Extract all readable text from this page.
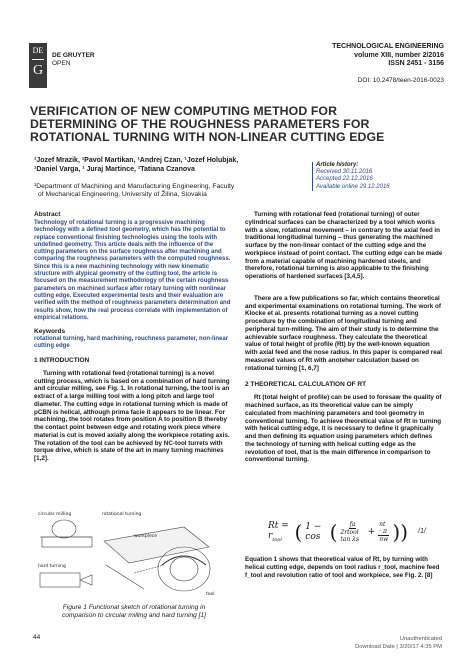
DE
G
DE GRUYTER
OPEN
TECHNOLOGICAL ENGINEERING
volume XIII, number 2/2016
ISSN 2451 - 3156
DOI: 10.2478/teen-2016-0023
VERIFICATION OF NEW COMPUTING METHOD FOR
DETERMINING OF THE ROUGHNESS PARAMETERS FOR
ROTATIONAL TURNING WITH NON-LINEAR CUTTING EDGE
¹Jozef Mrazik, ¹Pavol Martikan, ¹Andrej Czan, ¹Jozef Holubjak,
¹Daniel Varga, ¹ Juraj Martince, ¹Tatiana Czanova
¹Department of Machining and Manufacturing Engineering, Faculty
of Mechanical Engineering, University of Žilina, Slovakia
Article history:
Received 30.11.2016
Accepted 22.12.2016
Available online 29.12.2016
Abstract
Technology of rotational turning is a progressive machining technology with a defined tool geometry, which has the potential to replace conventional finishing technologies using the tools with undefined geometry. This article deals with the influence of the cutting parameters on the surface roughness after machining and comparing the roughness parameters with the computed roughness. Since this is a new machining technology with new kinematic structure with atypical geometry of the cutting tool, the article is focused on the measurement methodology of the certain roughness parameters on machined surface after rotary turning with nonlinear cutting edge. Executed experimental tests and their evaluation are verified with the method of roughness parameters determination and results show, how the real process correlate with implementation of empirical relations.
Keywords
rotational turning, hard machining, rouchness parameter, non-linear cutting edge
1 INTRODUCTION
Turning with rotational feed (rotational turning) is a novel cutting process, which is based on a combination of hard turning and circular milling, see Fig. 1. In rotational turning, the tool is an extract of a large milling tool with a long pitch and large tool diameter. The cutting edge in rotational turning which is made of pCBN is helical, although prima facie it appears to be linear. For machining, the tool rotates from position A to position B thereby the contact point between edge and rotating work piece where material is cut is moved axially along the workpiece rotating axis. The rotation of the tool can be achieved by NC-tool turrets with torque drive, which is state of the art in many turning machines [1,2].
rotational turning
circular milling
hard turning
workpiece
tool
Figure 1 Functional sketch of rotational turning in
comparison to circular milling and hard turning [1]
Turning with rotational feed (rotational turning) of outer cylindrical surfaces can be characterized by a tool which works with a slow, rotational movement – in contrary to the axial feed in traditional longitudinal turning – thus generating the machined surface by the non-linear contact of the cutting edge and the workpiece instead of point contact. The cutting edge can be made from a material capable of machining hardened steels, and therefore, rotational turning is also applicable to the finishing operations of hardened surfaces [3,4,5].
There are a few publications so far, which contains theoretical and experimental examinations on rotational turning. The work of Klocke et al. presents rotational turning as a novel cutting procedure by the combination of longitudinal turning and peripheral turn-milling. The aim of their study is to determine the achievable surface roughness. They calculate the theoretical value of total height of profile (Rt) by the well-known equation with axial feed and the nose radius. In this paper is compared real measured values of Rt with anoteher calculation based on rotational turning [1, 6,7]
2 THEORETICAL CALCULATION OF RT
Rt (total height of profile) can be used to foresaw the quality of machined surface, as its theoretical value can be simply calculated from machining parameters and tool geometry in conventional turning. To achieve theoretical value of Rt in turning with helical cutting edge, it is necessary to define it graphically and then defining its equation using parameters which defines the technology of turning with helical cutting edge as the revolution of tool, that is the main difference in comparison to conventional turning.
$Rt = r_{tool}$ ( 1 − cos ( $\frac{fa}{\text{2rtool tan λs}} + \frac{nt \cdot \pi}{nw}$ )) /1/
Equation 1 shows that theoretical value of Rt, by turning with helical cutting edge, depends on tool radius r_tool, machine feed f_tool and revolution ratio of tool and workpiece, see Fig. 2. [8]
44	Unauthenticated
Download Date | 3/20/17 4:35 PM
